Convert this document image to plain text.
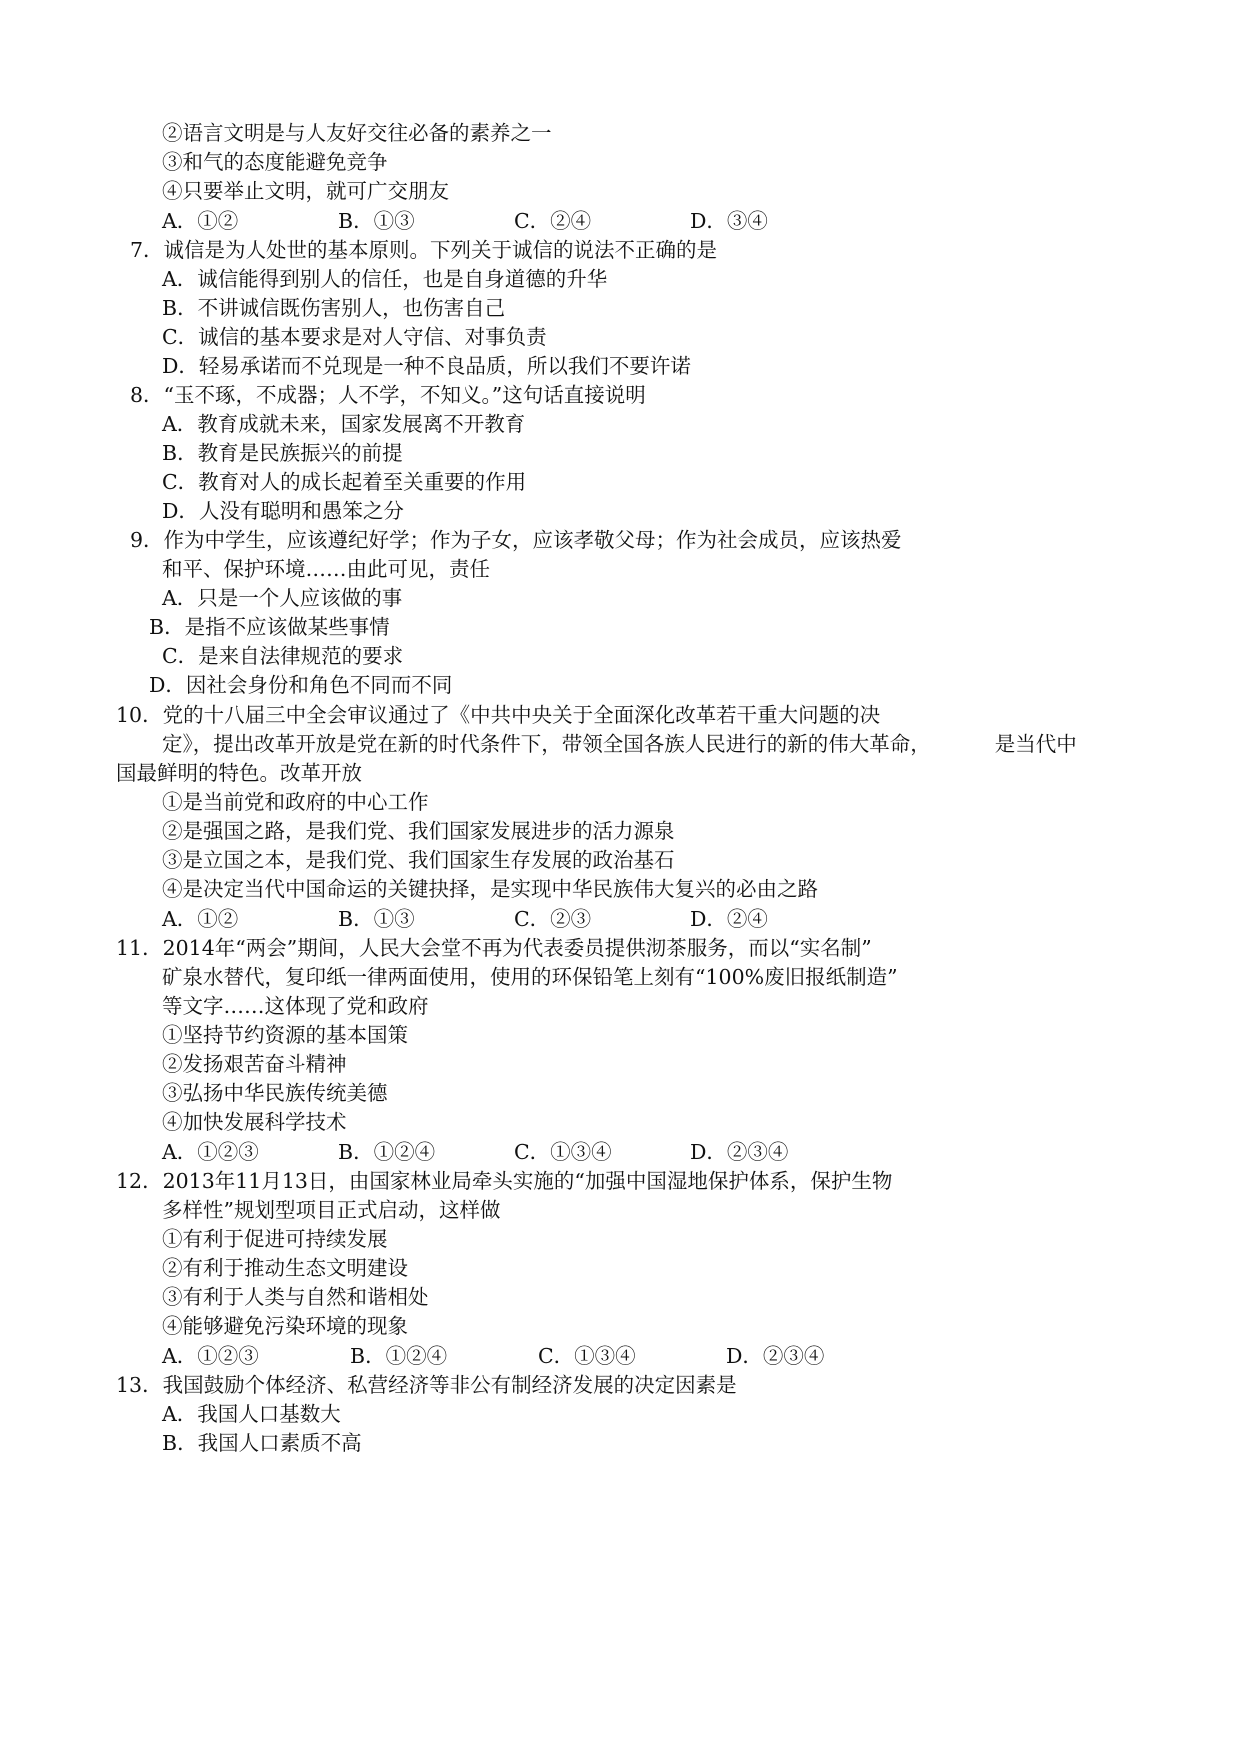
②语言文明是与人友好交往必备的素养之一
③和气的态度能避免竞争
④只要举止文明，就可广交朋友
A．①②	B．①③	C．②④	D．③④
7．诚信是为人处世的基本原则。下列关于诚信的说法不正确的是
A．诚信能得到别人的信任，也是自身道德的升华
B．不讲诚信既伤害别人，也伤害自己
C．诚信的基本要求是对人守信、对事负责
D．轻易承诺而不兑现是一种不良品质，所以我们不要许诺
8．“玉不琢，不成器；人不学，不知义。”这句话直接说明
A．教育成就未来，国家发展离不开教育
B．教育是民族振兴的前提
C．教育对人的成长起着至关重要的作用
D．人没有聪明和愚笨之分
9．作为中学生，应该遵纪好学；作为子女，应该孝敬父母；作为社会成员，应该热爱
和平、保护环境……由此可见，责任
A．只是一个人应该做的事
B．是指不应该做某些事情
C．是来自法律规范的要求
D．因社会身份和角色不同而不同
10．党的十八届三中全会审议通过了《中共中央关于全面深化改革若干重大问题的决
定》，提出改革开放是党在新的时代条件下，带领全国各族人民进行的新的伟大革命，	是当代中
国最鲜明的特色。改革开放
①是当前党和政府的中心工作
②是强国之路，是我们党、我们国家发展进步的活力源泉
③是立国之本，是我们党、我们国家生存发展的政治基石
④是决定当代中国命运的关键抉择，是实现中华民族伟大复兴的必由之路
A．①②	B．①③	C．②③	D．②④
11．2014年“两会”期间，人民大会堂不再为代表委员提供沏茶服务，而以“实名制”
矿泉水替代，复印纸一律两面使用，使用的环保铅笔上刻有“100%废旧报纸制造”
等文字……这体现了党和政府
①坚持节约资源的基本国策
②发扬艰苦奋斗精神
③弘扬中华民族传统美德
④加快发展科学技术
A．①②③	B．①②④	C．①③④	D．②③④
12．2013年11月13日，由国家林业局牵头实施的“加强中国湿地保护体系，保护生物
多样性”规划型项目正式启动，这样做
①有利于促进可持续发展
②有利于推动生态文明建设
③有利于人类与自然和谐相处
④能够避免污染环境的现象
A．①②③	B．①②④	C．①③④	D．②③④
13．我国鼓励个体经济、私营经济等非公有制经济发展的决定因素是
A．我国人口基数大
B．我国人口素质不高
